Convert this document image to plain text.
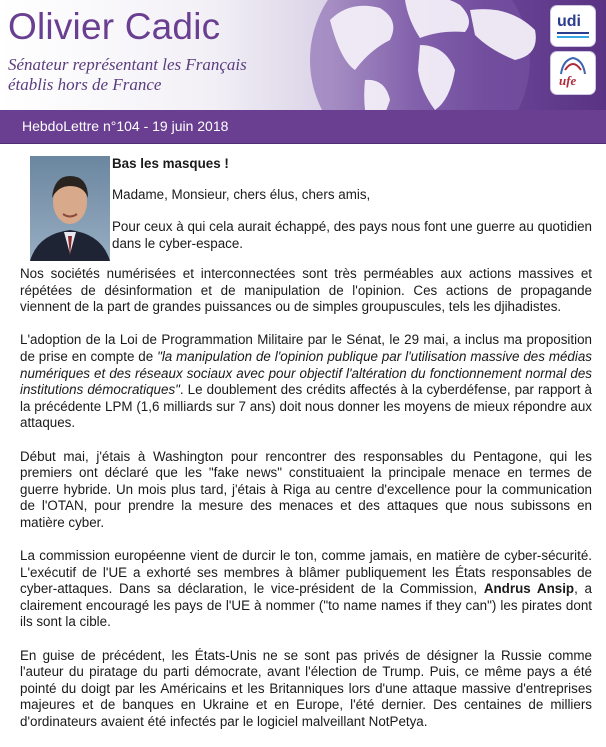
Olivier Cadic
Sénateur représentant les Français établis hors de France
udi
ufe
HebdoLettre n°104 - 19 juin 2018

Bas les masques !

Madame, Monsieur, chers élus, chers amis,

Pour ceux à qui cela aurait échappé, des pays nous font une guerre au quotidien dans le cyber-espace.

Nos sociétés numérisées et interconnectées sont très perméables aux actions massives et répétées de désinformation et de manipulation de l'opinion. Ces actions de propagande viennent de la part de grandes puissances ou de simples groupuscules, tels les djihadistes.

L'adoption de la Loi de Programmation Militaire par le Sénat, le 29 mai, a inclus ma proposition de prise en compte de "la manipulation de l'opinion publique par l'utilisation massive des médias numériques et des réseaux sociaux avec pour objectif l'altération du fonctionnement normal des institutions démocratiques". Le doublement des crédits affectés à la cyberdéfense, par rapport à la précédente LPM (1,6 milliards sur 7 ans) doit nous donner les moyens de mieux répondre aux attaques.

Début mai, j'étais à Washington pour rencontrer des responsables du Pentagone, qui les premiers ont déclaré que les "fake news" constituaient la principale menace en termes de guerre hybride. Un mois plus tard, j'étais à Riga au centre d'excellence pour la communication de l'OTAN, pour prendre la mesure des menaces et des attaques que nous subissons en matière cyber.

La commission européenne vient de durcir le ton, comme jamais, en matière de cyber-sécurité. L'exécutif de l'UE a exhorté ses membres à blâmer publiquement les États responsables de cyber-attaques. Dans sa déclaration, le vice-président de la Commission, Andrus Ansip, a clairement encouragé les pays de l'UE à nommer ("to name names if they can") les pirates dont ils sont la cible.

En guise de précédent, les États-Unis ne se sont pas privés de désigner la Russie comme l'auteur du piratage du parti démocrate, avant l'élection de Trump. Puis, ce même pays a été pointé du doigt par les Américains et les Britanniques lors d'une attaque massive d'entreprises majeures et de banques en Ukraine et en Europe, l'été dernier. Des centaines de milliers d'ordinateurs avaient été infectés par le logiciel malveillant NotPetya.
